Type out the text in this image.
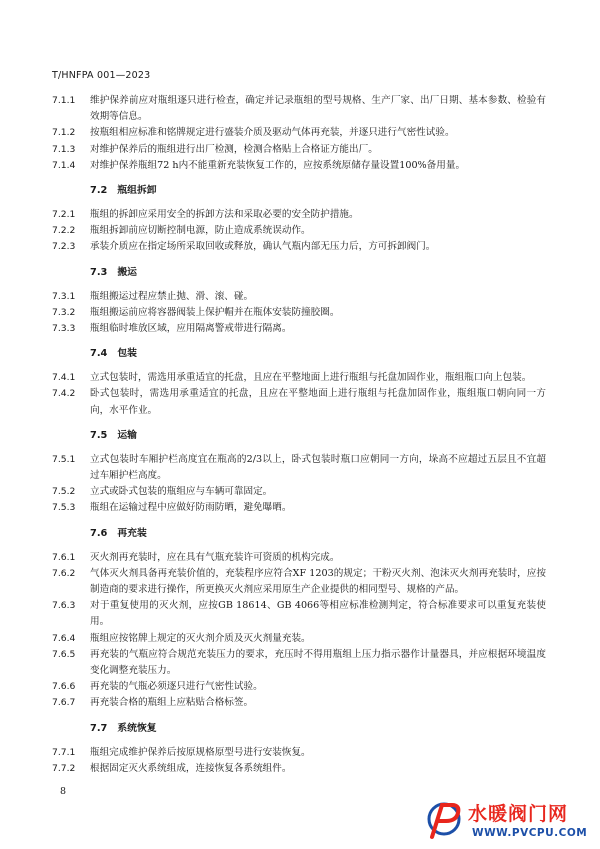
T/HNFPA 001—2023
7.1.1	维护保养前应对瓶组逐只进行检查，确定并记录瓶组的型号规格、生产厂家、出厂日期、基本参数、检验有效期等信息。
7.1.2	按瓶组相应标准和铭牌规定进行盛装介质及驱动气体再充装，并逐只进行气密性试验。
7.1.3	对维护保养后的瓶组进行出厂检测，检测合格贴上合格证方能出厂。
7.1.4	对维护保养瓶组72 h内不能重新充装恢复工作的，应按系统原储存量设置100%备用量。
7.2 瓶组拆卸
7.2.1	瓶组的拆卸应采用安全的拆卸方法和采取必要的安全防护措施。
7.2.2	瓶组拆卸前应切断控制电源，防止造成系统误动作。
7.2.3	承装介质应在指定场所采取回收或释放，确认气瓶内部无压力后，方可拆卸阀门。
7.3 搬运
7.3.1	瓶组搬运过程应禁止抛、滑、滚、碰。
7.3.2	瓶组搬运前应将容器阀装上保护帽并在瓶体安装防撞胶圈。
7.3.3	瓶组临时堆放区域，应用隔离警戒带进行隔离。
7.4 包装
7.4.1	立式包装时，需选用承重适宜的托盘，且应在平整地面上进行瓶组与托盘加固作业，瓶组瓶口向上包装。
7.4.2	卧式包装时，需选用承重适宜的托盘，且应在平整地面上进行瓶组与托盘加固作业，瓶组瓶口朝向同一方向，水平作业。
7.5 运输
7.5.1	立式包装时车厢护栏高度宜在瓶高的2/3以上，卧式包装时瓶口应朝同一方向，垛高不应超过五层且不宜超过车厢护栏高度。
7.5.2	立式或卧式包装的瓶组应与车辆可靠固定。
7.5.3	瓶组在运输过程中应做好防雨防晒，避免曝晒。
7.6 再充装
7.6.1	灭火剂再充装时，应在具有气瓶充装许可资质的机构完成。
7.6.2	气体灭火剂具备再充装价值的，充装程序应符合XF 1203的规定；干粉灭火剂、泡沫灭火剂再充装时，应按制造商的要求进行操作，所更换灭火剂应采用原生产企业提供的相同型号、规格的产品。
7.6.3	对于重复使用的灭火剂，应按GB 18614、GB 4066等相应标准检测判定，符合标准要求可以重复充装使用。
7.6.4	瓶组应按铭牌上规定的灭火剂介质及灭火剂量充装。
7.6.5	再充装的气瓶应符合规范充装压力的要求，充压时不得用瓶组上压力指示器作计量器具，并应根据环境温度变化调整充装压力。
7.6.6	再充装的气瓶必须逐只进行气密性试验。
7.6.7	再充装合格的瓶组上应粘贴合格标签。
7.7 系统恢复
7.7.1	瓶组完成维护保养后按原规格原型号进行安装恢复。
7.7.2	根据固定灭火系统组成，连接恢复各系统组件。
8
水暖阀门网
WWW.PVCPU.COM
